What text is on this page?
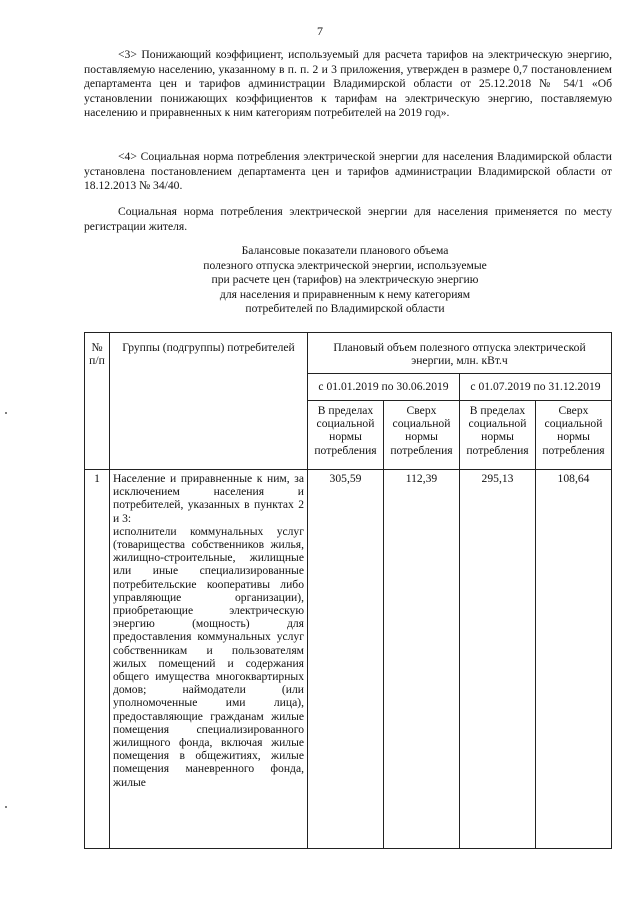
7

<3> Понижающий коэффициент, используемый для расчета тарифов на электрическую энергию, поставляемую населению, указанному в п. п. 2 и 3 приложения, утвержден в размере 0,7 постановлением департамента цен и тарифов администрации Владимирской области от 25.12.2018 № 54/1 «Об установлении понижающих коэффициентов к тарифам на электрическую энергию, поставляемую населению и приравненных к ним категориям потребителей на 2019 год».

<4> Социальная норма потребления электрической энергии для населения Владимирской области установлена постановлением департамента цен и тарифов администрации Владимирской области от 18.12.2013 № 34/40.

Социальная норма потребления электрической энергии для населения применяется по месту регистрации жителя.

Балансовые показатели планового объема
полезного отпуска электрической энергии, используемые
при расчете цен (тарифов) на электрическую энергию
для населения и приравненным к нему категориям
потребителей по Владимирской области
№ п/п	Группы (подгруппы) потребителей	Плановый объем полезного отпуска электрической энергии, млн. кВт.ч			
		с 01.01.2019 по 30.06.2019		с 01.07.2019 по 31.12.2019	
		В пределах социальной нормы потребления	Сверх социальной нормы потребления	В пределах социальной нормы потребления	Сверх социальной нормы потребления
1	Население и приравненные к ним, за исключением населения и потребителей, указанных в пунктах 2 и 3:
исполнители коммунальных услуг (товарищества собственников жилья, жилищно-строительные, жилищные или иные специализированные потребительские кооперативы либо управляющие организации), приобретающие электрическую энергию (мощность) для предоставления коммунальных услуг собственникам и пользователям жилых помещений и содержания общего имущества многоквартирных домов; наймодатели (или уполномоченные ими лица), предоставляющие гражданам жилые помещения специализированного жилищного фонда, включая жилые помещения в общежитиях, жилые помещения маневренного фонда, жилые	305,59	112,39	295,13	108,64
